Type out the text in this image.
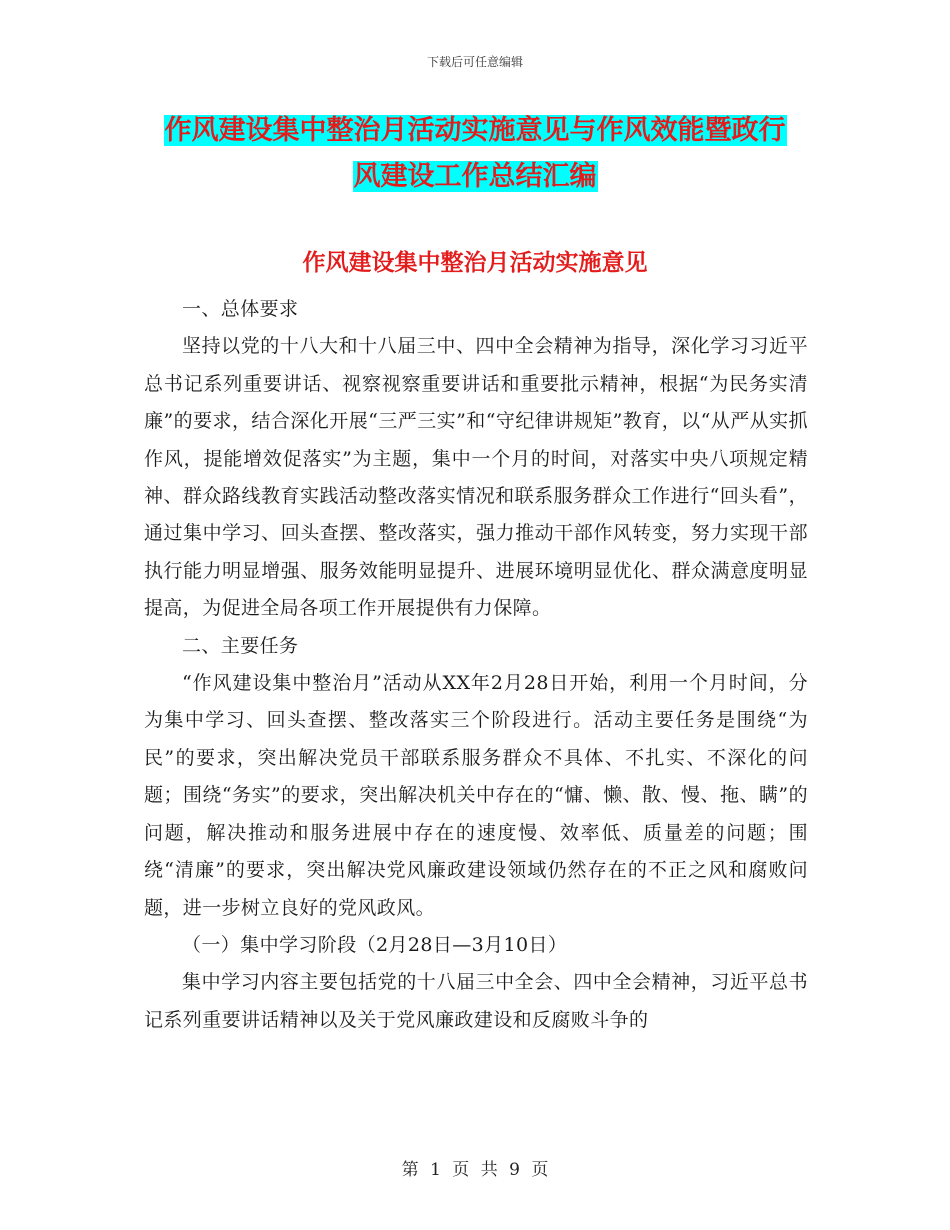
下载后可任意编辑
作风建设集中整治月活动实施意见与作风效能暨政行
风建设工作总结汇编
作风建设集中整治月活动实施意见

一、总体要求

坚持以党的十八大和十八届三中、四中全会精神为指导，深化学习习近平总书记系列重要讲话、视察视察重要讲话和重要批示精神，根据“为民务实清廉”的要求，结合深化开展“三严三实”和“守纪律讲规矩”教育，以“从严从实抓作风，提能增效促落实”为主题，集中一个月的时间，对落实中央八项规定精神、群众路线教育实践活动整改落实情况和联系服务群众工作进行“回头看”，通过集中学习、回头查摆、整改落实，强力推动干部作风转变，努力实现干部执行能力明显增强、服务效能明显提升、进展环境明显优化、群众满意度明显提高，为促进全局各项工作开展提供有力保障。

二、主要任务

“作风建设集中整治月”活动从XX年2月28日开始，利用一个月时间，分为集中学习、回头查摆、整改落实三个阶段进行。活动主要任务是围绕“为民”的要求，突出解决党员干部联系服务群众不具体、不扎实、不深化的问题；围绕“务实”的要求，突出解决机关中存在的“慵、懒、散、慢、拖、瞒”的问题，解决推动和服务进展中存在的速度慢、效率低、质量差的问题；围绕“清廉”的要求，突出解决党风廉政建设领域仍然存在的不正之风和腐败问题，进一步树立良好的党风政风。

（一）集中学习阶段（2月28日—3月10日）

集中学习内容主要包括党的十八届三中全会、四中全会精神，习近平总书记系列重要讲话精神以及关于党风廉政建设和反腐败斗争的

第 1 页 共 9 页
